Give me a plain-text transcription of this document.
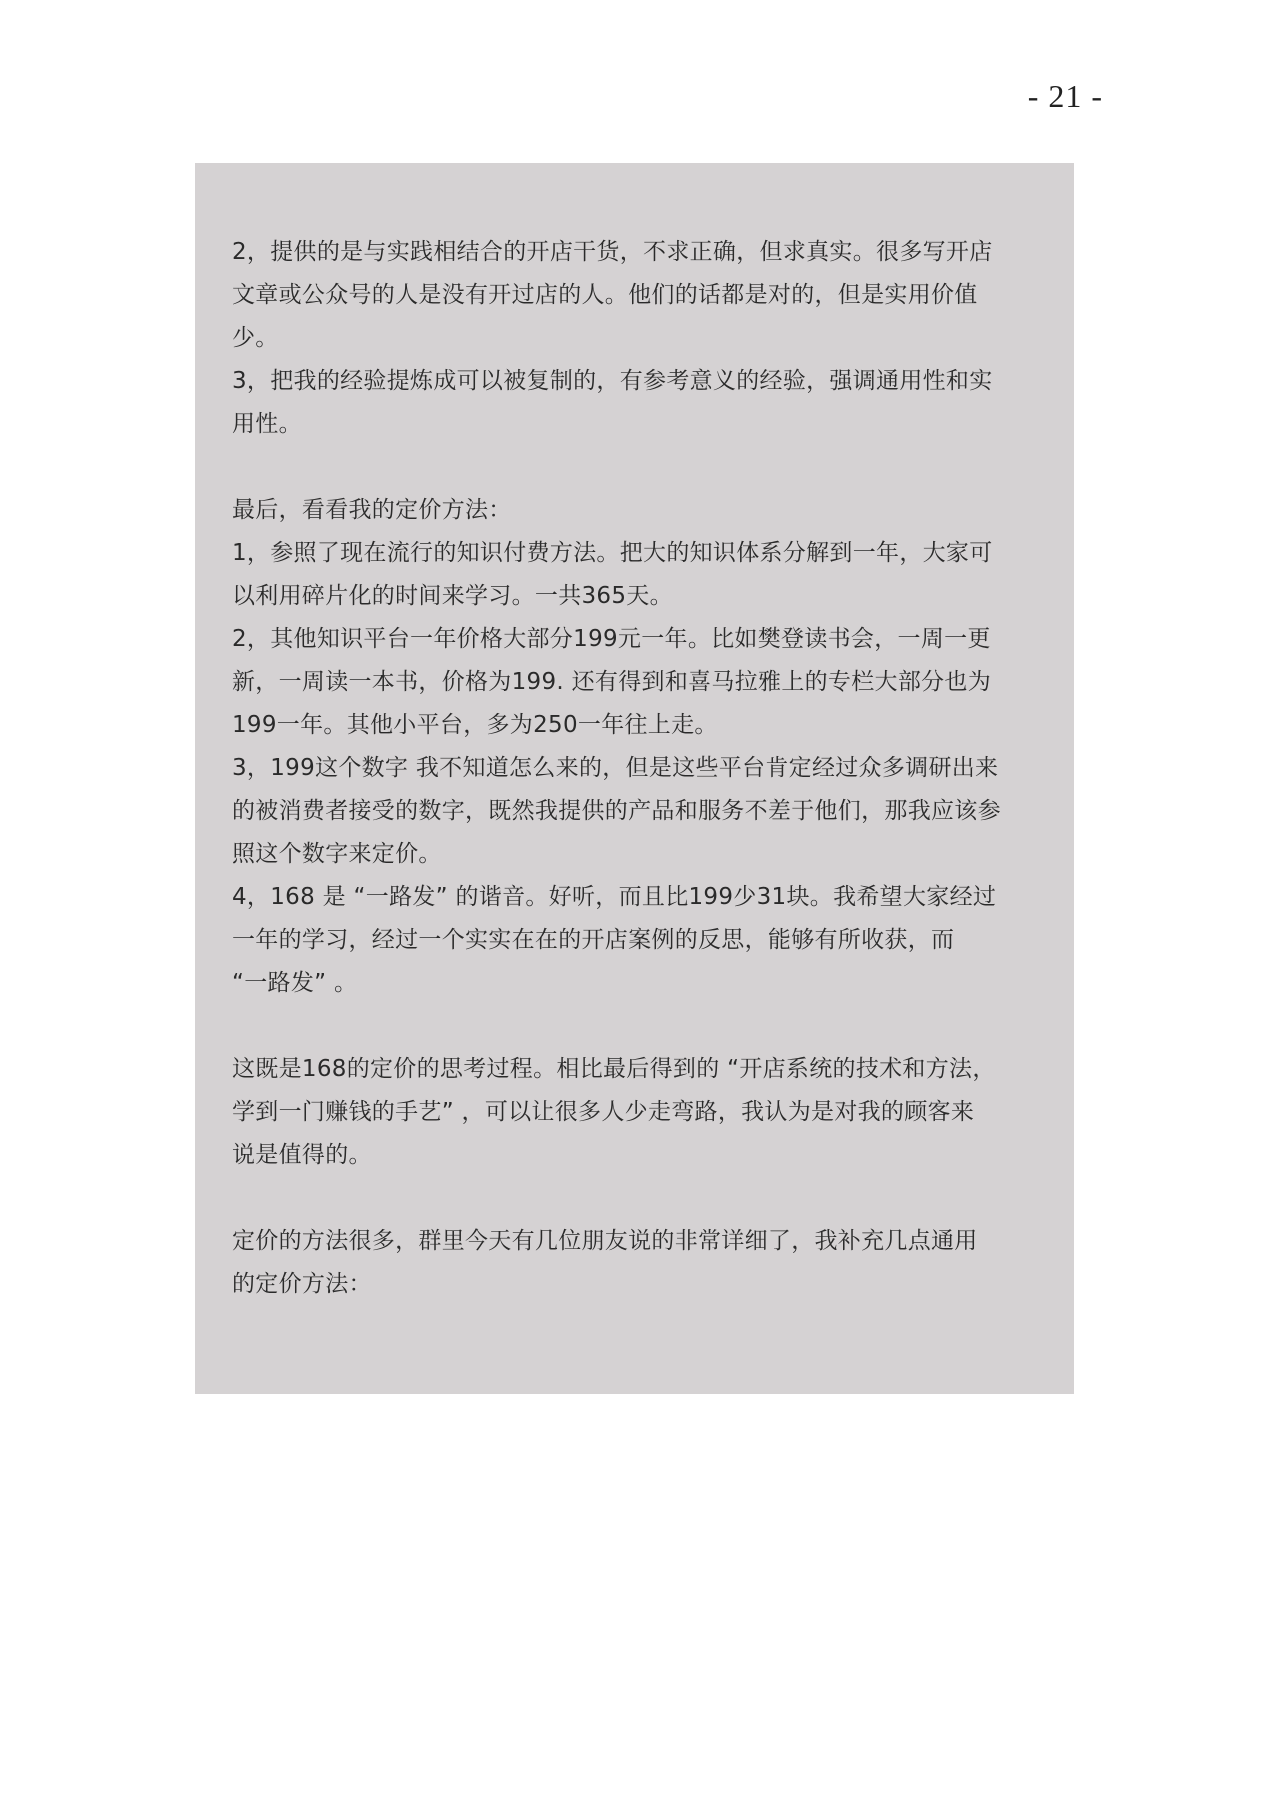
- 21 -
2，提供的是与实践相结合的开店干货，不求正确，但求真实。很多写开店
文章或公众号的人是没有开过店的人。他们的话都是对的，但是实用价值
少。
3，把我的经验提炼成可以被复制的，有参考意义的经验，强调通用性和实
用性。
最后，看看我的定价方法：
1，参照了现在流行的知识付费方法。把大的知识体系分解到一年，大家可
以利用碎片化的时间来学习。一共365天。
2，其他知识平台一年价格大部分199元一年。比如樊登读书会，一周一更
新，一周读一本书，价格为199. 还有得到和喜马拉雅上的专栏大部分也为
199一年。其他小平台，多为250一年往上走。
3，199这个数字 我不知道怎么来的，但是这些平台肯定经过众多调研出来
的被消费者接受的数字，既然我提供的产品和服务不差于他们，那我应该参
照这个数字来定价。
4，168 是 “一路发” 的谐音。好听，而且比199少31块。我希望大家经过
一年的学习，经过一个实实在在的开店案例的反思，能够有所收获，而
“一路发” 。
这既是168的定价的思考过程。相比最后得到的 “开店系统的技术和方法，
学到一门赚钱的手艺” ，可以让很多人少走弯路，我认为是对我的顾客来
说是值得的。
定价的方法很多，群里今天有几位朋友说的非常详细了，我补充几点通用
的定价方法：
